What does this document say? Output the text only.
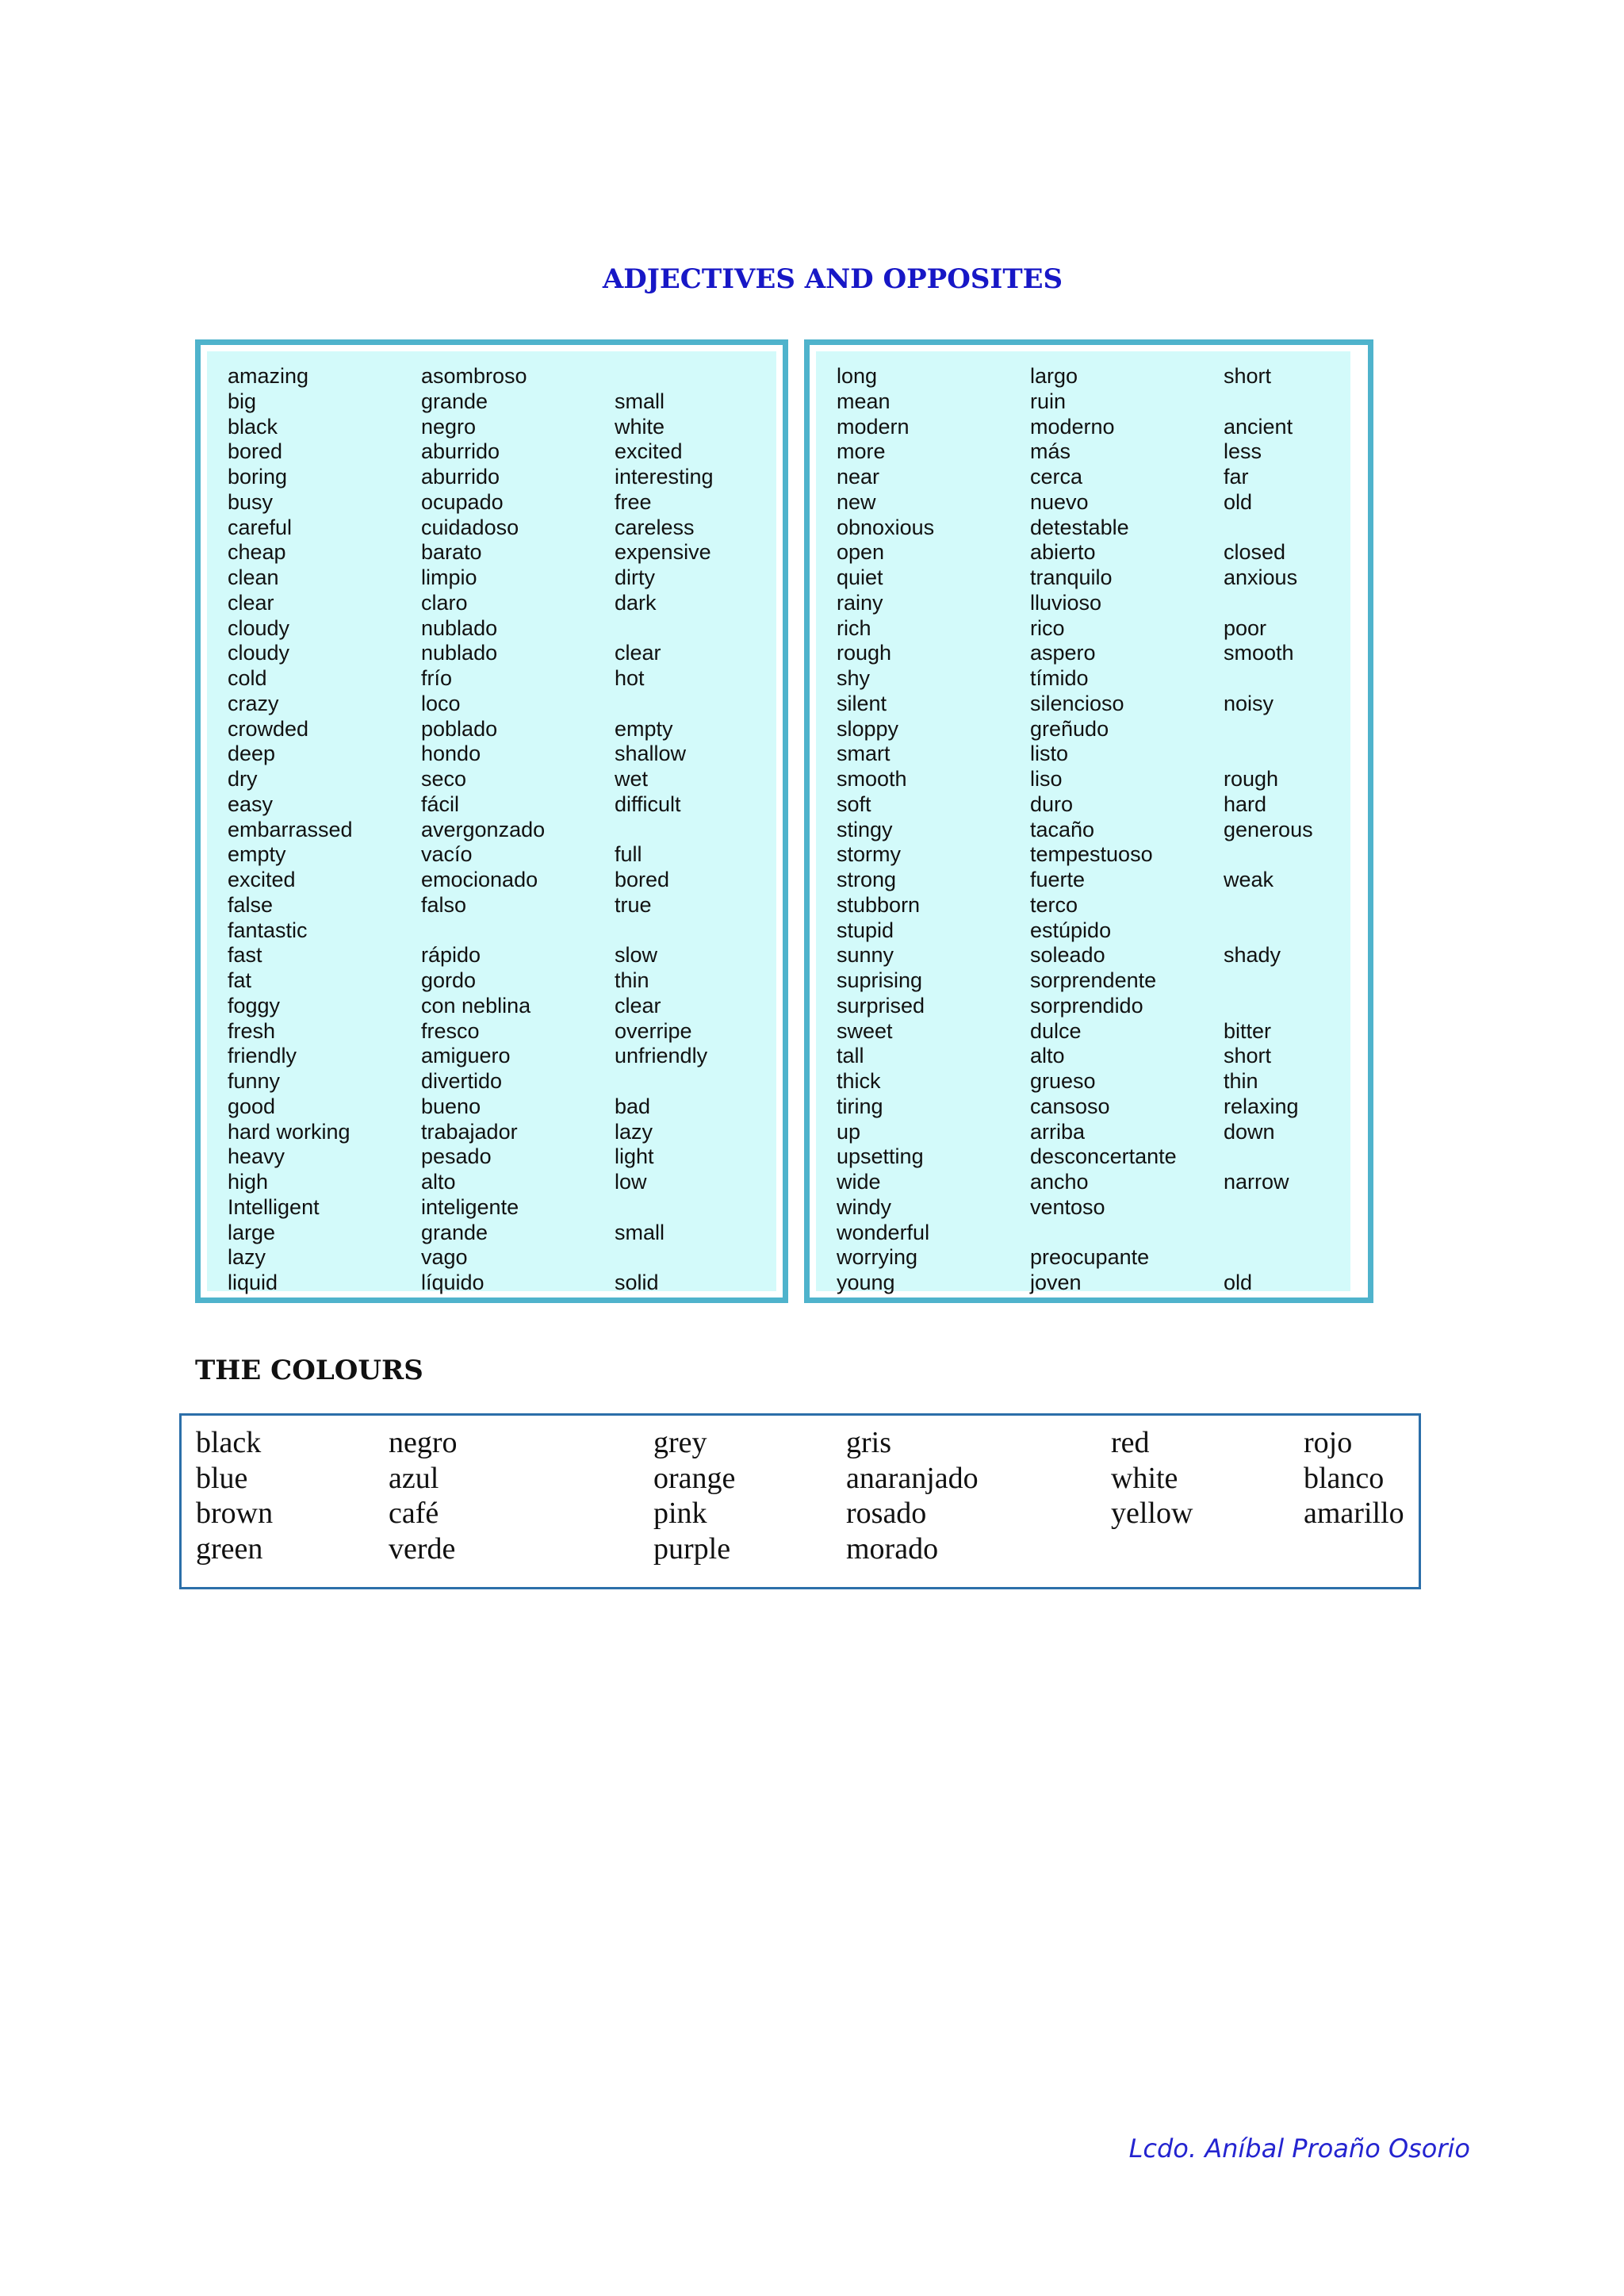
ADJECTIVES AND OPPOSITES
amazing	asombroso
big	grande	small
black	negro	white
bored	aburrido	excited
boring	aburrido	interesting
busy	ocupado	free
careful	cuidadoso	careless
cheap	barato	expensive
clean	limpio	dirty
clear	claro	dark
cloudy	nublado
cloudy	nublado	clear
cold	frío	hot
crazy	loco
crowded	poblado	empty
deep	hondo	shallow
dry	seco	wet
easy	fácil	difficult
embarrassed	avergonzado
empty	vacío	full
excited	emocionado	bored
false	falso	true
fantastic
fast	rápido	slow
fat	gordo	thin
foggy	con neblina	clear
fresh	fresco	overripe
friendly	amiguero	unfriendly
funny	divertido
good	bueno	bad
hard working	trabajador	lazy
heavy	pesado	light
high	alto	low
Intelligent	inteligente
large	grande	small
lazy	vago
liquid	líquido	solid
long	largo	short
mean	ruin
modern	moderno	ancient
more	más	less
near	cerca	far
new	nuevo	old
obnoxious	detestable
open	abierto	closed
quiet	tranquilo	anxious
rainy	lluvioso
rich	rico	poor
rough	aspero	smooth
shy	tímido
silent	silencioso	noisy
sloppy	greñudo
smart	listo
smooth	liso	rough
soft	duro	hard
stingy	tacaño	generous
stormy	tempestuoso
strong	fuerte	weak
stubborn	terco
stupid	estúpido
sunny	soleado	shady
suprising	sorprendente
surprised	sorprendido
sweet	dulce	bitter
tall	alto	short
thick	grueso	thin
tiring	cansoso	relaxing
up	arriba	down
upsetting	desconcertante
wide	ancho	narrow
windy	ventoso
wonderful
worrying	preocupante
young	joven	old
THE COLOURS
black	negro	grey	gris	red	rojo
blue	azul	orange	anaranjado	white	blanco
brown	café	pink	rosado	yellow	amarillo
green	verde	purple	morado
Lcdo. Aníbal Proaño Osorio
